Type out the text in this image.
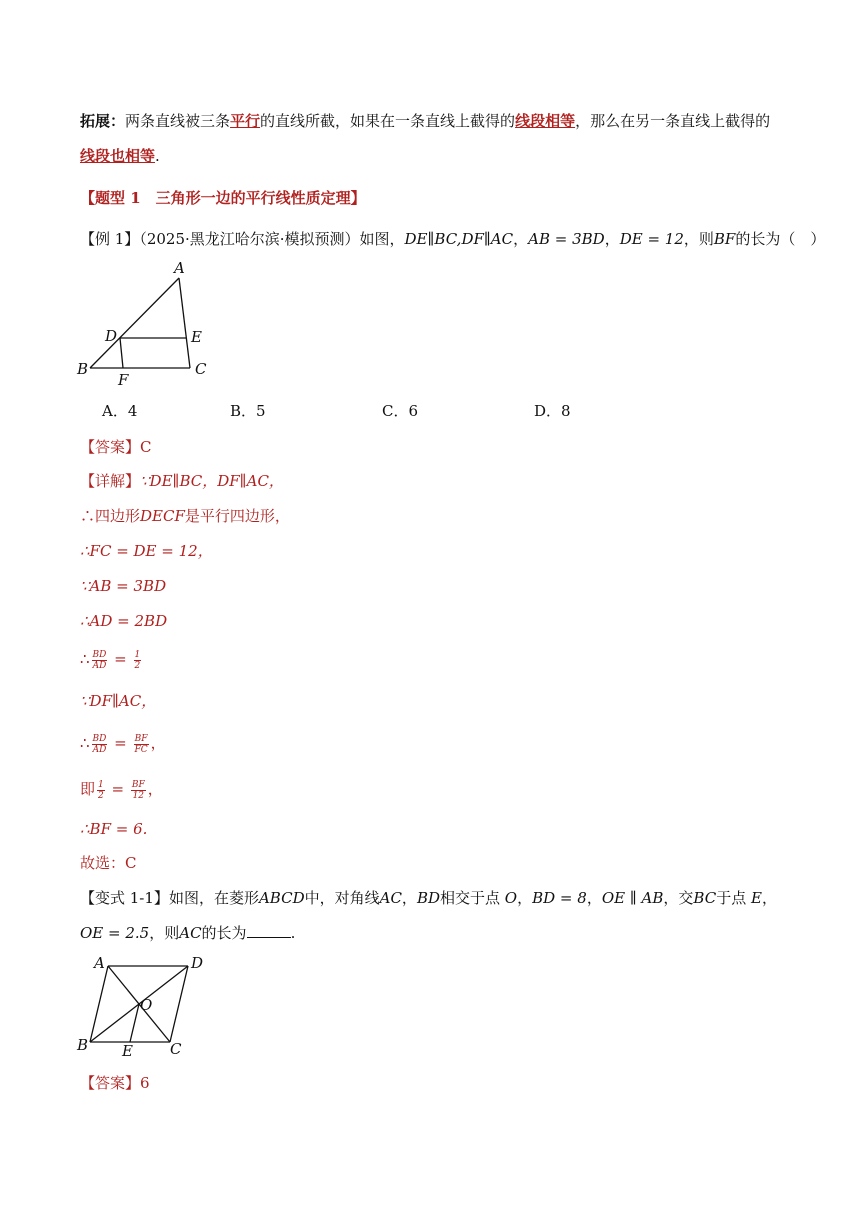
拓展：两条直线被三条平行的直线所截，如果在一条直线上截得的线段相等，那么在另一条直线上截得的
线段也相等.
【题型 1　三角形一边的平行线性质定理】
【例 1】（2025·黑龙江哈尔滨·模拟预测）如图，DE∥BC,DF∥AC，AB = 3BD，DE = 12，则BF的长为（　）
A
D	E
B	C
F
A．4	B．5	C．6	D．8
【答案】C
【详解】∵DE∥BC，DF∥AC，
∴四边形DECF是平行四边形，
∴FC = DE = 12，
∵AB = 3BD
∴AD = 2BD
∴ $\frac{BD}{AD} = \frac{1}{2}$
∵DF∥AC，
∴ $\frac{BD}{AD} = \frac{BF}{FC}$ ，
即 $\frac{1}{2} = \frac{BF}{12}$ ，
∴BF = 6.
故选：C
【变式 1-1】如图，在菱形ABCD中，对角线AC，BD相交于点 O，BD = 8，OE ∥ AB，交BC于点 E，
OE = 2.5，则AC的长为	.
A	D
O
B	C
E
【答案】6
